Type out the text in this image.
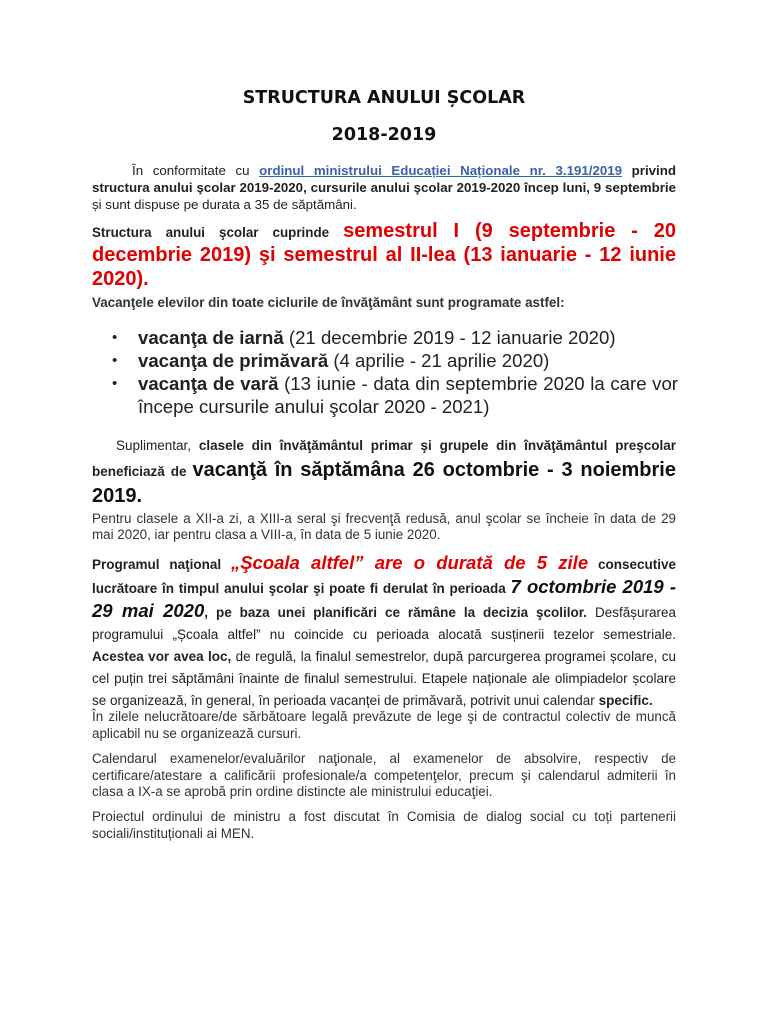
STRUCTURA ANULUI ȘCOLAR
2018-2019
În conformitate cu ordinul ministrului Educației Naționale nr. 3.191/2019 privind structura anului şcolar 2019-2020, cursurile anului şcolar 2019-2020 încep luni, 9 septembrie și sunt dispuse pe durata a 35 de săptămâni.
Structura anului şcolar cuprinde semestrul I (9 septembrie - 20 decembrie 2019) şi semestrul al II-lea (13 ianuarie - 12 iunie 2020).
Vacanţele elevilor din toate ciclurile de învăţământ sunt programate astfel:
• vacanţa de iarnă (21 decembrie 2019 - 12 ianuarie 2020)
• vacanţa de primăvară (4 aprilie - 21 aprilie 2020)
• vacanţa de vară (13 iunie - data din septembrie 2020 la care vor începe cursurile anului şcolar 2020 - 2021)
Suplimentar, clasele din învăţământul primar şi grupele din învăţământul preşcolar beneficiază de vacanţă în săptămâna 26 octombrie - 3 noiembrie 2019.
Pentru clasele a XII-a zi, a XIII-a seral şi frecvenţă redusă, anul şcolar se încheie în data de 29 mai 2020, iar pentru clasa a VIII-a, în data de 5 iunie 2020.
Programul naţional „Şcoala altfel” are o durată de 5 zile consecutive lucrătoare în timpul anului şcolar şi poate fi derulat în perioada 7 octombrie 2019 - 29 mai 2020, pe baza unei planificări ce rămâne la decizia şcolilor. Desfășurarea programului „Școala altfel” nu coincide cu perioada alocată susținerii tezelor semestriale. Acestea vor avea loc, de regulă, la finalul semestrelor, după parcurgerea programei școlare, cu cel puțin trei săptămâni înainte de finalul semestrului. Etapele naționale ale olimpiadelor școlare se organizează, în general, în perioada vacanței de primăvară, potrivit unui calendar specific.
În zilele nelucrătoare/de sărbătoare legală prevăzute de lege şi de contractul colectiv de muncă aplicabil nu se organizează cursuri.
Calendarul examenelor/evaluărilor naţionale, al examenelor de absolvire, respectiv de certificare/atestare a calificării profesionale/a competenţelor, precum şi calendarul admiterii în clasa a IX-a se aprobă prin ordine distincte ale ministrului educaţiei.
Proiectul ordinului de ministru a fost discutat în Comisia de dialog social cu toți partenerii sociali/instituționali ai MEN.
